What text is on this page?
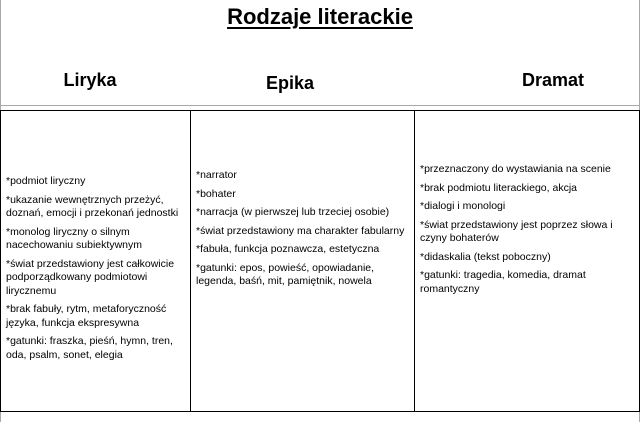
Rodzaje literackie
Liryka	Epika	Dramat
*podmiot liryczny
*ukazanie wewnętrznych przeżyć, doznań, emocji i przekonań jednostki
*monolog liryczny o silnym nacechowaniu subiektywnym
*świat przedstawiony jest całkowicie podporządkowany podmiotowi lirycznemu
*brak fabuły, rytm, metaforyczność języka, funkcja ekspresywna
*gatunki: fraszka, pieśń, hymn, tren, oda, psalm, sonet, elegia
*narrator
*bohater
*narracja (w pierwszej lub trzeciej osobie)
*świat przedstawiony ma charakter fabularny
*fabuła, funkcja poznawcza, estetyczna
*gatunki: epos, powieść, opowiadanie, legenda, baśń, mit, pamiętnik, nowela
*przeznaczony do wystawiania na scenie
*brak podmiotu literackiego, akcja
*dialogi i monologi
*świat przedstawiony jest poprzez słowa i czyny bohaterów
*didaskalia (tekst poboczny)
*gatunki: tragedia, komedia, dramat romantyczny
